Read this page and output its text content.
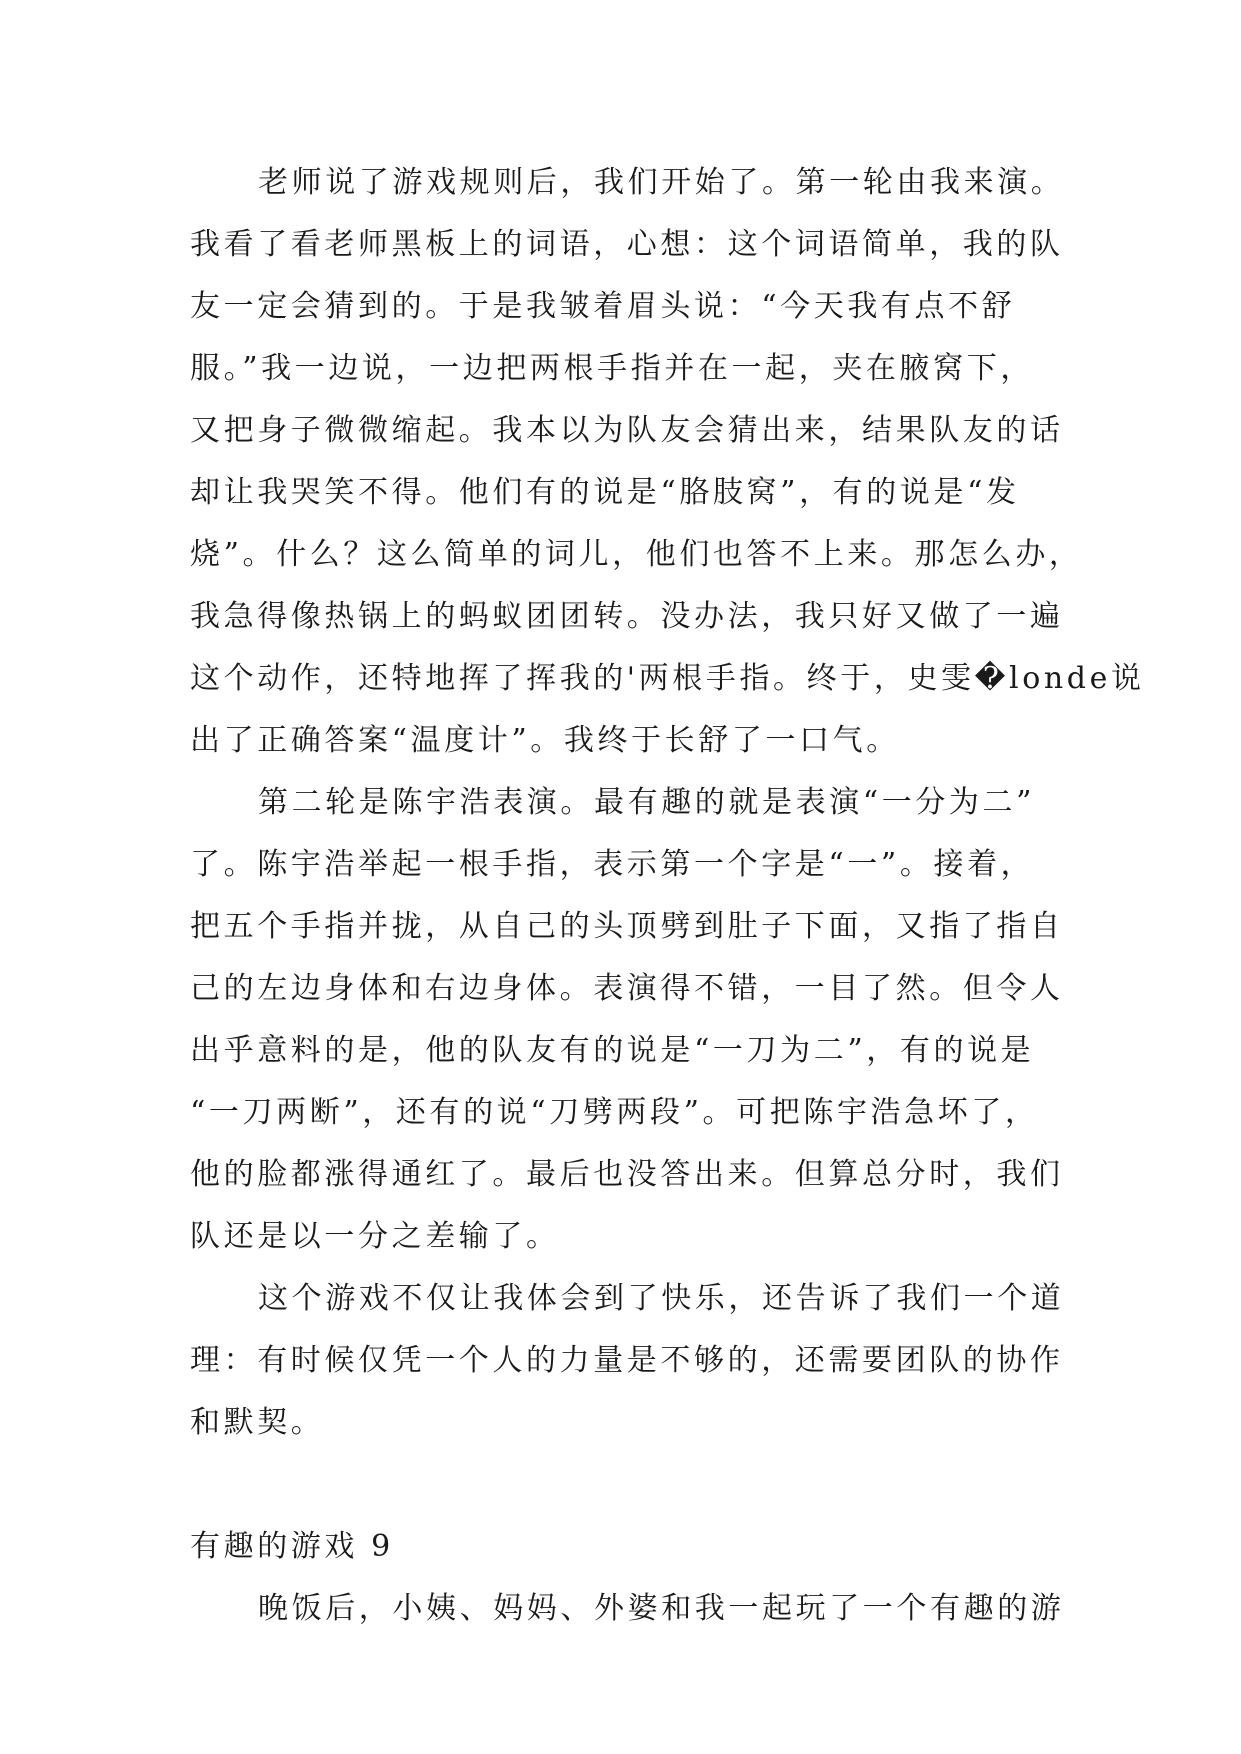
老师说了游戏规则后，我们开始了。第一轮由我来演。
我看了看老师黑板上的词语，心想：这个词语简单，我的队
友一定会猜到的。于是我皱着眉头说：“今天我有点不舒
服。”我一边说，一边把两根手指并在一起，夹在腋窝下，
又把身子微微缩起。我本以为队友会猜出来，结果队友的话
却让我哭笑不得。他们有的说是“胳肢窝”，有的说是“发
烧”。什么？这么简单的词儿，他们也答不上来。那怎么办，
我急得像热锅上的蚂蚁团团转。没办法，我只好又做了一遍
这个动作，还特地挥了挥我的'两根手指。终于，史雯�londe说
出了正确答案“温度计”。我终于长舒了一口气。
第二轮是陈宇浩表演。最有趣的就是表演“一分为二”
了。陈宇浩举起一根手指，表示第一个字是“一”。接着，
把五个手指并拢，从自己的头顶劈到肚子下面，又指了指自
己的左边身体和右边身体。表演得不错，一目了然。但令人
出乎意料的是，他的队友有的说是“一刀为二”，有的说是
“一刀两断”，还有的说“刀劈两段”。可把陈宇浩急坏了，
他的脸都涨得通红了。最后也没答出来。但算总分时，我们
队还是以一分之差输了。
这个游戏不仅让我体会到了快乐，还告诉了我们一个道
理：有时候仅凭一个人的力量是不够的，还需要团队的协作
和默契。
有趣的游戏 9
晚饭后，小姨、妈妈、外婆和我一起玩了一个有趣的游
